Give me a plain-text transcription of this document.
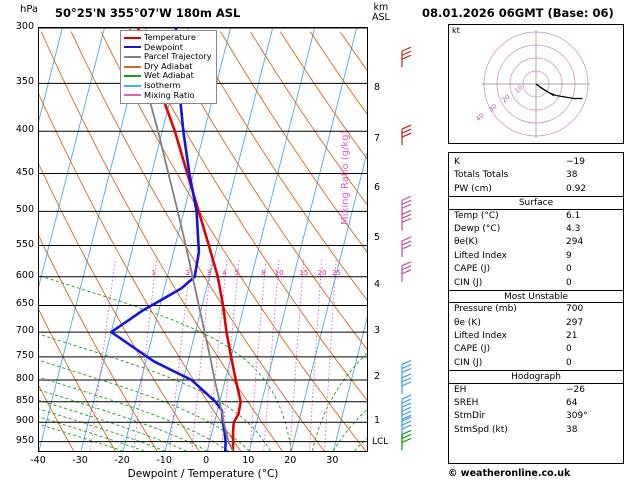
hPa 50°25'N 355°07'W 180m ASL	km
ASL
1	2 3 4 5	8 10 15 20 25
Temperature
Dewpoint
Parcel Trajectory
Dry Adiabat
Wet Adiabat
Isotherm
Mixing Ratio
300
350
400
450
500
550
600
650
700
750
800
850
900
950
-40	-30	-20	-10	0	10	20	30
Dewpoint / Temperature (°C)
8
7
6
5
4
3
2
1
LCL
Mixing Ratio (g/kg)
08.01.2026 06GMT (Base: 06)
kt
10
20
30
40
K	−19
Totals Totals	38
PW (cm)	0.92
Surface
Temp (°C)	6.1
Dewp (°C)	4.3
θe(K)	294
Lifted Index	9
CAPE (J)	0
CIN (J)	0
Most Unstable
Pressure (mb)	700
θe (K)	297
Lifted Index	21
CAPE (J)	0
CIN (J)	0
Hodograph
EH	−26
SREH	64
StmDir	309°
StmSpd (kt)	38
© weatheronline.co.uk
